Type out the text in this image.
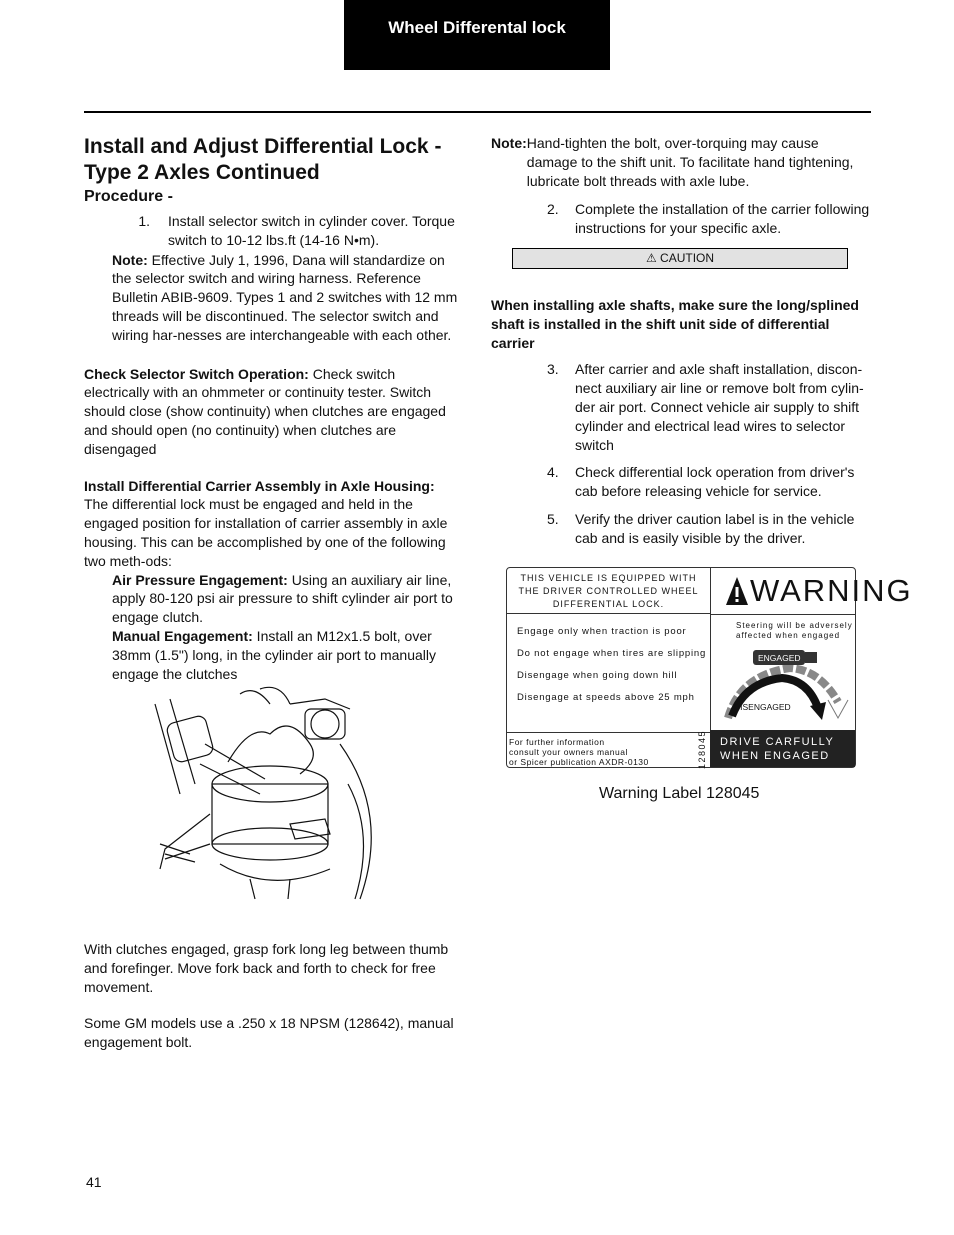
Wheel Differental lock
Install and Adjust Differential Lock - Type 2 Axles Continued
Procedure -
1.	Install selector switch in cylinder cover. Torque switch to 10-12 lbs.ft (14-16 N•m).

Note: Effective July 1, 1996, Dana will standardize on the selector switch and wiring harness. Reference Bulletin ABIB-9609. Types 1 and 2 switches with 12 mm threads will be discontinued. The selector switch and wiring har-nesses are interchangeable with each other.

Check Selector Switch Operation: Check switch electrically with an ohmmeter or continuity tester. Switch should close (show continuity) when clutches are engaged and should open (no continuity) when clutches are disengaged

Install Differential Carrier Assembly in Axle Housing: The differential lock must be engaged and held in the engaged position for installation of carrier assembly in axle housing. This can be accomplished by one of the following two meth-ods:

Air Pressure Engagement: Using an auxiliary air line, apply 80-120 psi air pressure to shift cylinder air port to engage clutch.

Manual Engagement: Install an M12x1.5 bolt, over 38mm (1.5") long, in the cylinder air port to manually engage the clutches

With clutches engaged, grasp fork long leg between thumb and forefinger. Move fork back and forth to check for free movement.

Some GM models use a .250 x 18 NPSM (128642), manual engagement bolt.

Note: Hand-tighten the bolt, over-torquing may cause damage to the shift unit. To facilitate hand tightening, lubricate bolt threads with axle lube.
2.	Complete the installation of the carrier following instructions for your specific axle.
⚠ CAUTION

When installing axle shafts, make sure the long/splined shaft is installed in the shift unit side of differential carrier

3.	After carrier and axle shaft installation, discon-nect auxiliary air line or remove bolt from cylin-der air port. Connect vehicle air supply to shift cylinder and electrical lead wires to selector switch
4.	Check differential lock operation from driver's cab before releasing vehicle for service.
5.	Verify the driver caution label is in the vehicle cab and is easily visible by the driver.
THIS VEHICLE IS EQUIPPED WITH
THE DRIVER CONTROLLED WHEEL
DIFFERENTIAL LOCK.
Engage only when traction is poor
Do not engage when tires are slipping
Disengage when going down hill
Disengage at speeds above 25 mph
For further information
consult your owners manual
or Spicer publication AXDR-0130	128045
WARNING
Steering will be adversely
affected when engaged
ENGAGED
DISENGAGED
DRIVE CARFULLY
WHEN ENGAGED
Warning Label 128045
41
